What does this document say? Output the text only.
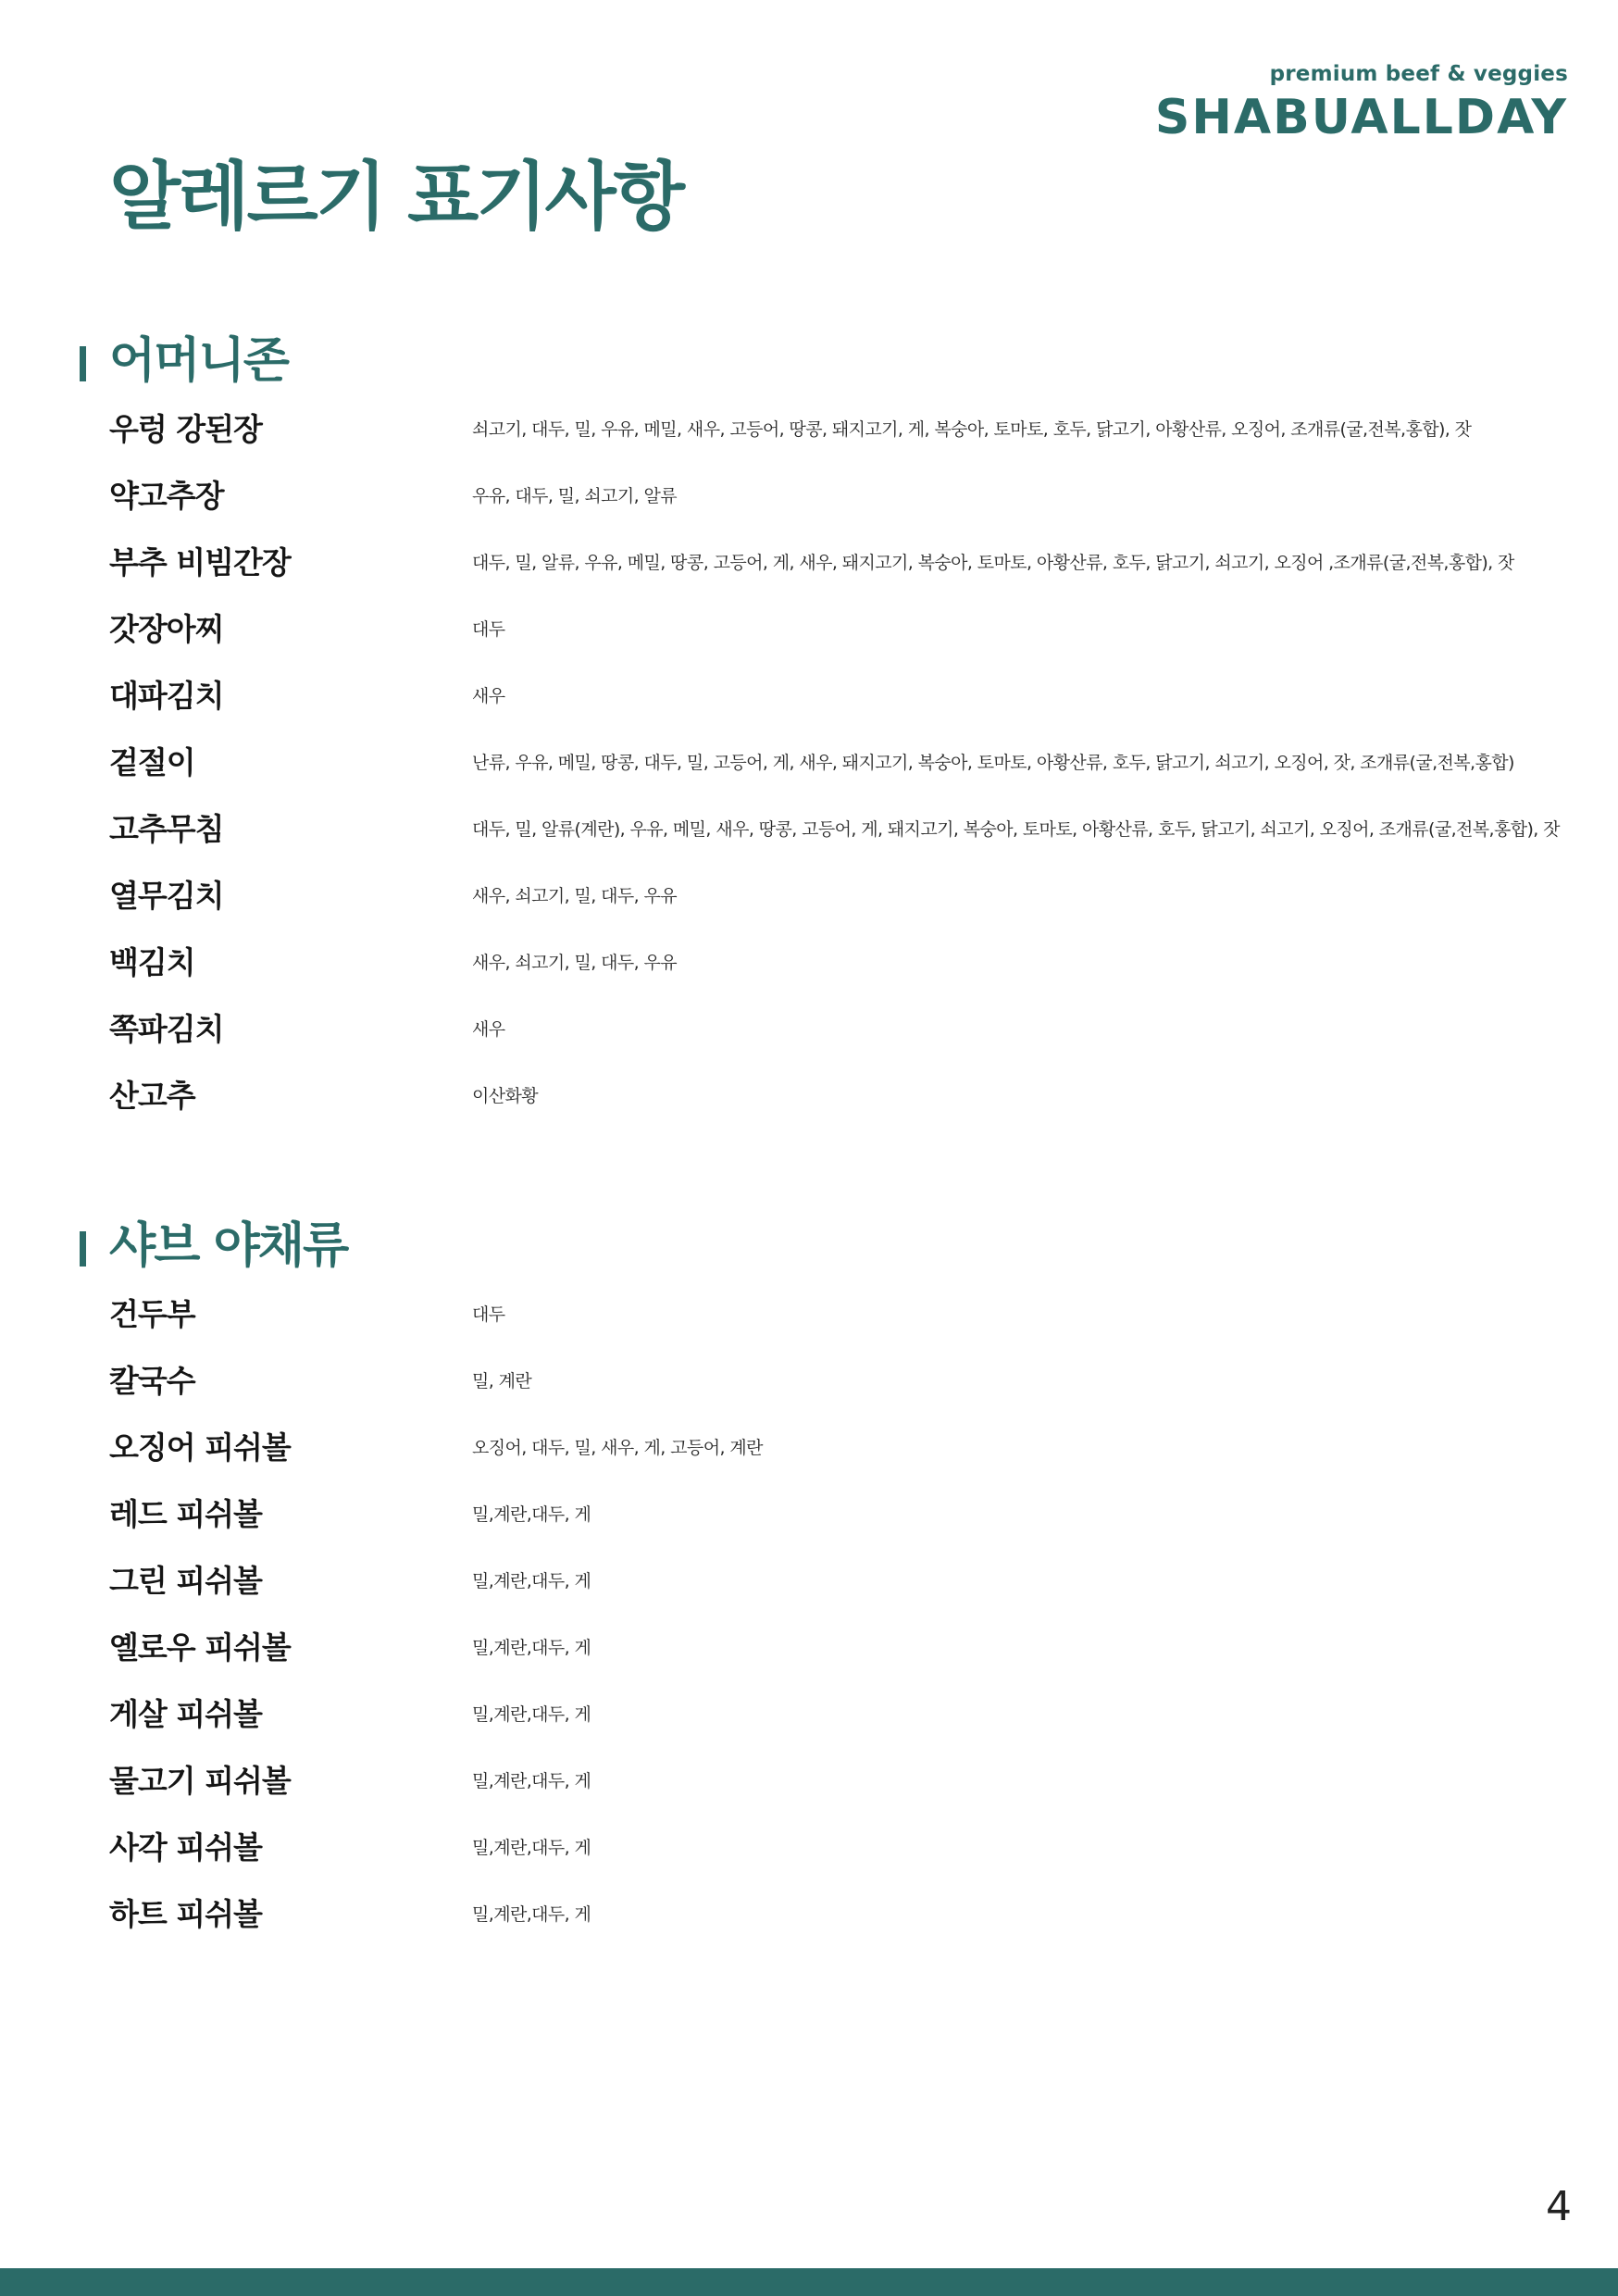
premium beef & veggies
SHABUALLDAY
알레르기 표기사항
어머니존
우렁 강된장	쇠고기, 대두, 밀, 우유, 메밀, 새우, 고등어, 땅콩, 돼지고기, 게, 복숭아, 토마토, 호두, 닭고기, 아황산류, 오징어, 조개류(굴,전복,홍합), 잣
약고추장	우유, 대두, 밀, 쇠고기, 알류
부추 비빔간장	대두, 밀, 알류, 우유, 메밀, 땅콩, 고등어, 게, 새우, 돼지고기, 복숭아, 토마토, 아황산류, 호두, 닭고기, 쇠고기, 오징어 ,조개류(굴,전복,홍합), 잣
갓장아찌	대두
대파김치	새우
겉절이	난류, 우유, 메밀, 땅콩, 대두, 밀, 고등어, 게, 새우, 돼지고기, 복숭아, 토마토, 아황산류, 호두, 닭고기, 쇠고기, 오징어, 잣, 조개류(굴,전복,홍합)
고추무침	대두, 밀, 알류(계란), 우유, 메밀, 새우, 땅콩, 고등어, 게, 돼지고기, 복숭아, 토마토, 아황산류, 호두, 닭고기, 쇠고기, 오징어, 조개류(굴,전복,홍합), 잣
열무김치	새우, 쇠고기, 밀, 대두, 우유
백김치	새우, 쇠고기, 밀, 대두, 우유
쪽파김치	새우
산고추	이산화황
샤브 야채류
건두부	대두
칼국수	밀, 계란
오징어 피쉬볼	오징어, 대두, 밀, 새우, 게, 고등어, 계란
레드 피쉬볼	밀,계란,대두, 게
그린 피쉬볼	밀,계란,대두, 게
옐로우 피쉬볼	밀,계란,대두, 게
게살 피쉬볼	밀,계란,대두, 게
물고기 피쉬볼	밀,계란,대두, 게
사각 피쉬볼	밀,계란,대두, 게
하트 피쉬볼	밀,계란,대두, 게
4
